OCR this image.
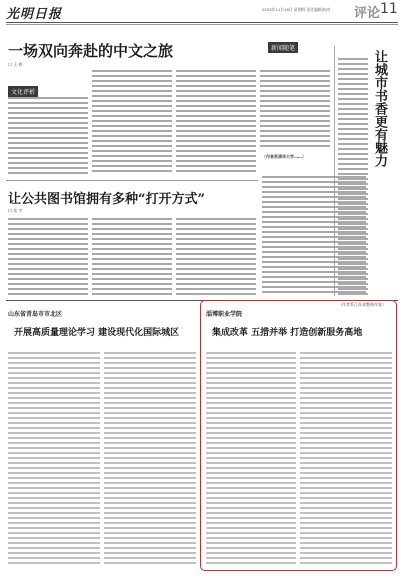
光明日报	2023年11月16日 星期四 责任编辑/校对 评论 11
一场双向奔赴的中文之旅
口 王 婷
文化评析
（作者系清华大学……）
新闻随笔
让城市书香更有魅力
（作者系江苏省教师作家）
让公共图书馆拥有多种“打开方式”
口 张 宇
山东省青岛市市北区
开展高质量理论学习 建设现代化国际城区
淄博职业学院
集成改革 五措并举 打造创新服务高地
